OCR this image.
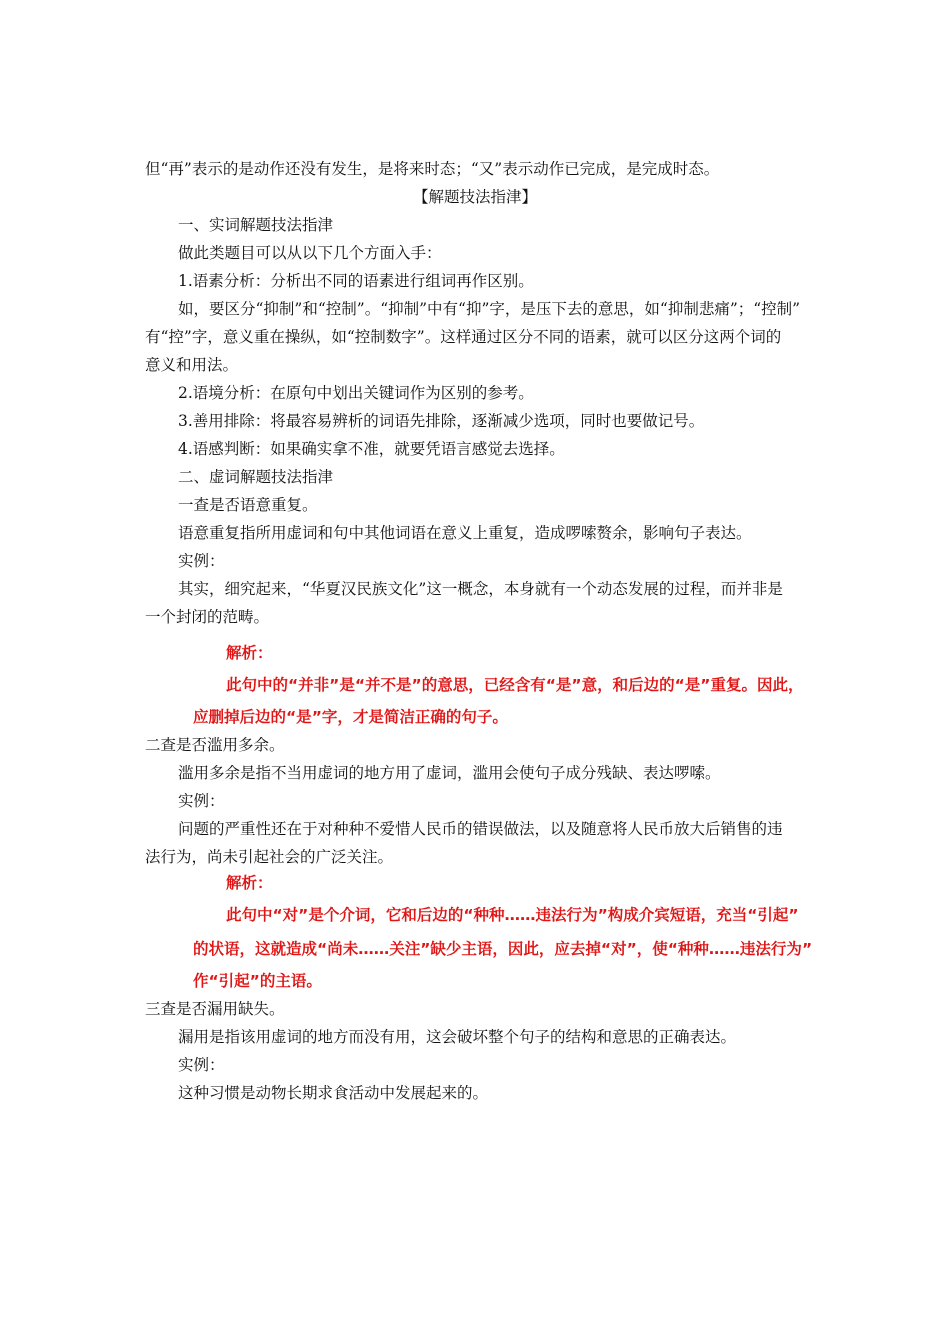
但“再”表示的是动作还没有发生，是将来时态；“又”表示动作已完成，是完成时态。
【解题技法指津】
一、实词解题技法指津
做此类题目可以从以下几个方面入手：
1.语素分析：分析出不同的语素进行组词再作区别。
如，要区分“抑制”和“控制”。“抑制”中有“抑”字，是压下去的意思，如“抑制悲痛”；“控制”
有“控”字，意义重在操纵，如“控制数字”。这样通过区分不同的语素，就可以区分这两个词的
意义和用法。
2.语境分析：在原句中划出关键词作为区别的参考。
3.善用排除：将最容易辨析的词语先排除，逐渐减少选项，同时也要做记号。
4.语感判断：如果确实拿不准，就要凭语言感觉去选择。
二、虚词解题技法指津
一查是否语意重复。
语意重复指所用虚词和句中其他词语在意义上重复，造成啰嗦赘余，影响句子表达。
实例：
其实，细究起来，“华夏汉民族文化”这一概念，本身就有一个动态发展的过程，而并非是
一个封闭的范畴。
解析：
此句中的“并非”是“并不是”的意思，已经含有“是”意，和后边的“是”重复。因此，
应删掉后边的“是”字，才是简洁正确的句子。
二查是否滥用多余。
滥用多余是指不当用虚词的地方用了虚词，滥用会使句子成分残缺、表达啰嗦。
实例：
问题的严重性还在于对种种不爱惜人民币的错误做法，以及随意将人民币放大后销售的违
法行为，尚未引起社会的广泛关注。
解析：
此句中“对”是个介词，它和后边的“种种……违法行为”构成介宾短语，充当“引起”
的状语，这就造成“尚未……关注”缺少主语，因此，应去掉“对”，使“种种……违法行为”
作“引起”的主语。
三查是否漏用缺失。
漏用是指该用虚词的地方而没有用，这会破坏整个句子的结构和意思的正确表达。
实例：
这种习惯是动物长期求食活动中发展起来的。
